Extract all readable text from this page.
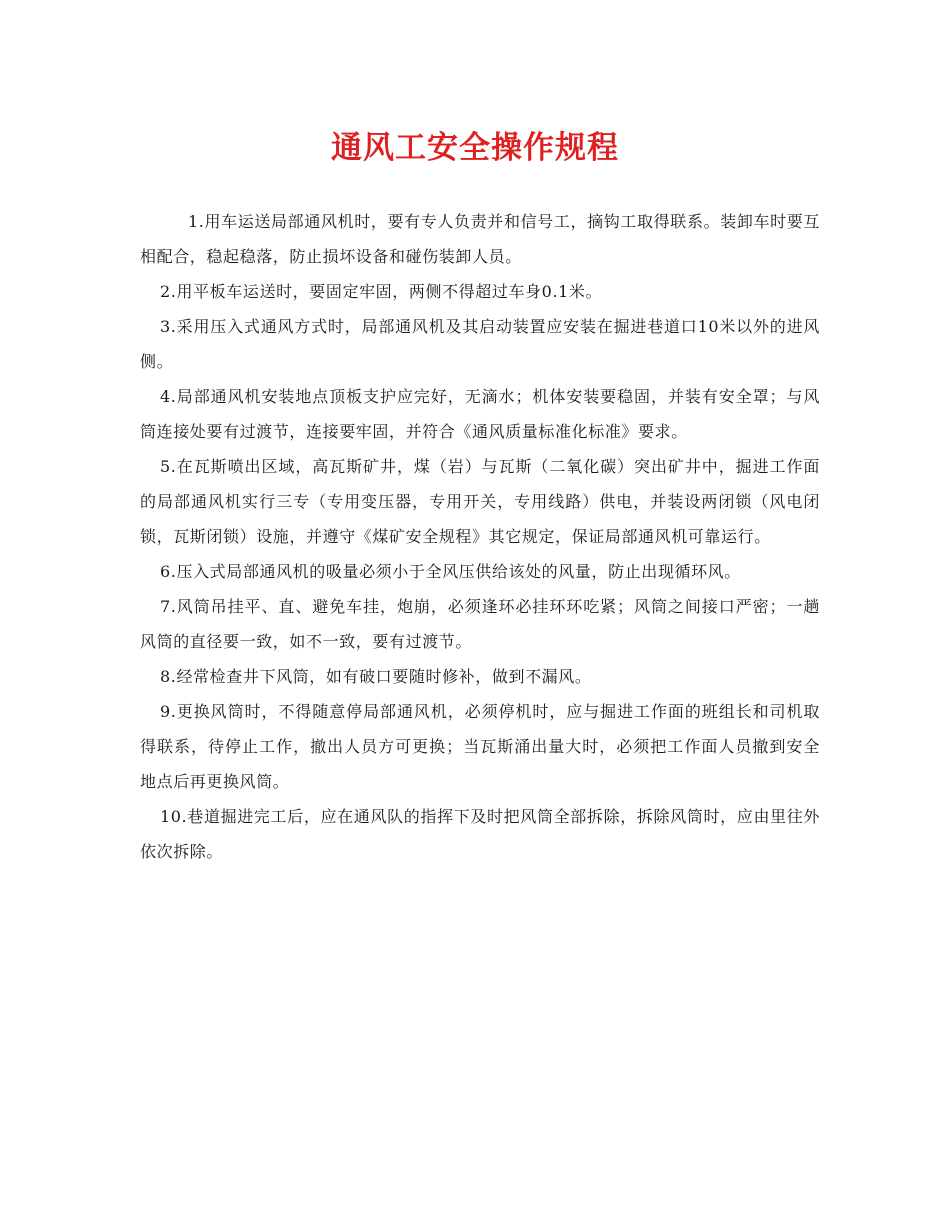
通风工安全操作规程

1.用车运送局部通风机时，要有专人负责并和信号工，摘钩工取得联系。装卸车时要互相配合，稳起稳落，防止损坏设备和碰伤装卸人员。

2.用平板车运送时，要固定牢固，两侧不得超过车身0.1米。

3.采用压入式通风方式时，局部通风机及其启动装置应安装在掘进巷道口10米以外的进风侧。

4.局部通风机安装地点顶板支护应完好，无滴水；机体安装要稳固，并装有安全罩；与风筒连接处要有过渡节，连接要牢固，并符合《通风质量标准化标准》要求。

5.在瓦斯喷出区域，高瓦斯矿井，煤（岩）与瓦斯（二氧化碳）突出矿井中，掘进工作面的局部通风机实行三专（专用变压器，专用开关，专用线路）供电，并装设两闭锁（风电闭锁，瓦斯闭锁）设施，并遵守《煤矿安全规程》其它规定，保证局部通风机可靠运行。

6.压入式局部通风机的吸量必须小于全风压供给该处的风量，防止出现循环风。

7.风筒吊挂平、直、避免车挂，炮崩，必须逢环必挂环环吃紧；风筒之间接口严密；一趟风筒的直径要一致，如不一致，要有过渡节。

8.经常检查井下风筒，如有破口要随时修补，做到不漏风。

9.更换风筒时，不得随意停局部通风机，必须停机时，应与掘进工作面的班组长和司机取得联系，待停止工作，撤出人员方可更换；当瓦斯涌出量大时，必须把工作面人员撤到安全地点后再更换风筒。

10.巷道掘进完工后，应在通风队的指挥下及时把风筒全部拆除，拆除风筒时，应由里往外依次拆除。
